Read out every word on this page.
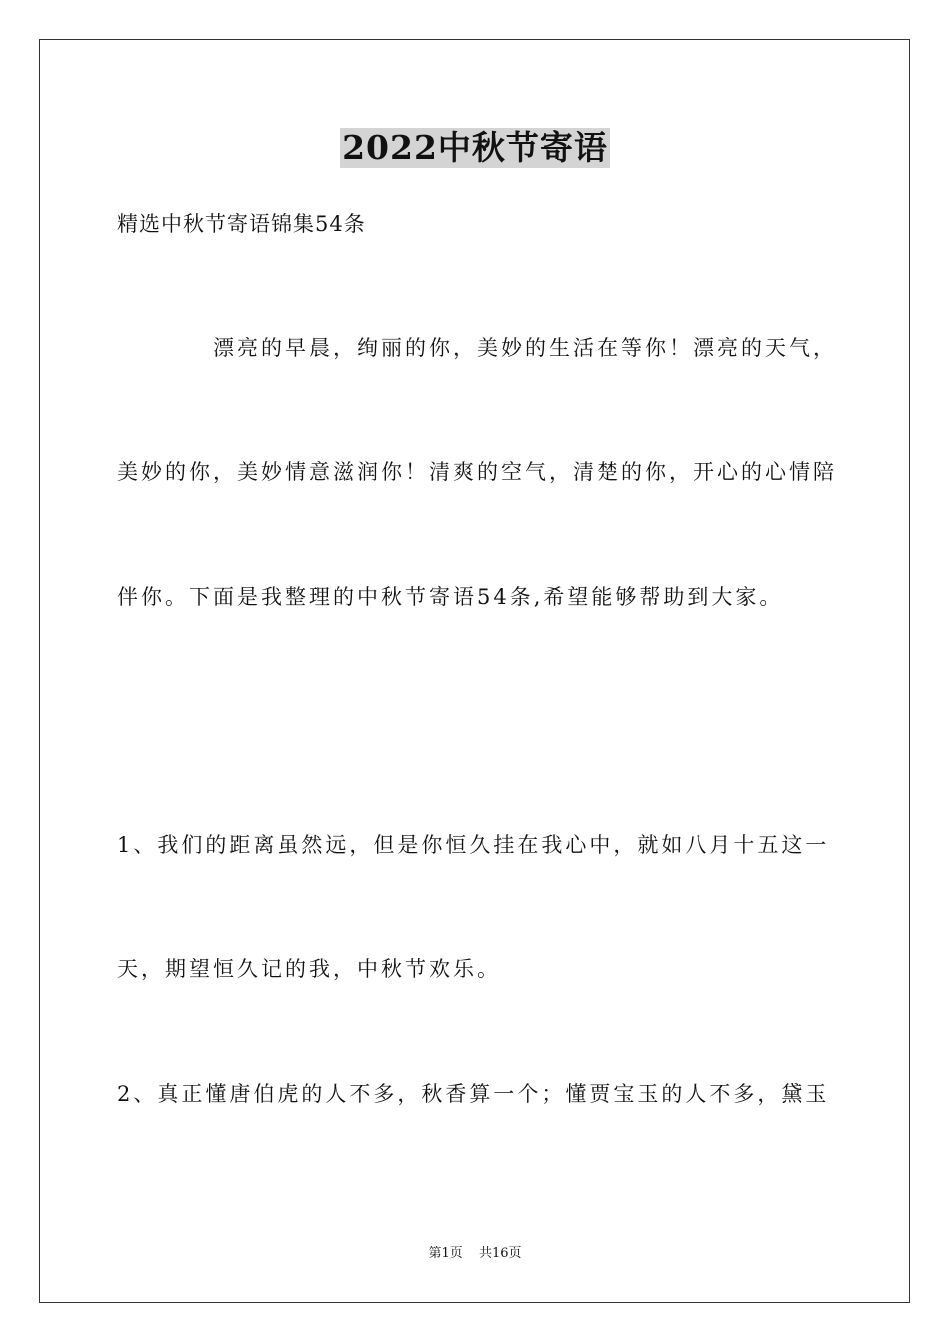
2022中秋节寄语
精选中秋节寄语锦集54条
漂亮的早晨，绚丽的你，美妙的生活在等你！漂亮的天气，
美妙的你，美妙情意滋润你！清爽的空气，清楚的你，开心的心情陪
伴你。下面是我整理的中秋节寄语54条,希望能够帮助到大家。
1、我们的距离虽然远，但是你恒久挂在我心中，就如八月十五这一
天，期望恒久记的我，中秋节欢乐。
2、真正懂唐伯虎的人不多，秋香算一个；懂贾宝玉的人不多，黛玉
第1页 共16页
